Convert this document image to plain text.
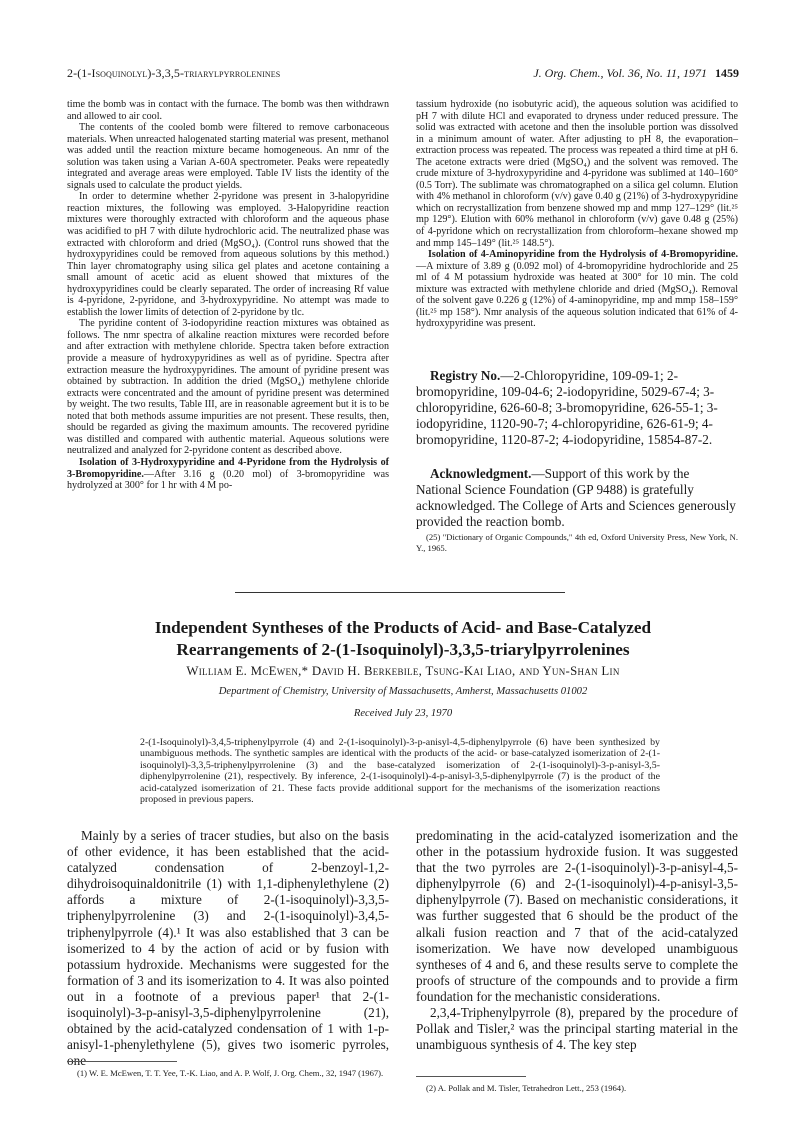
2-(1-Isoquinolyl)-3,3,5-triarylpyrrolenines	J. Org. Chem., Vol. 36, No. 11, 1971 1459

time the bomb was in contact with the furnace. The bomb was then withdrawn and allowed to air cool.

The contents of the cooled bomb were filtered to remove carbonaceous materials. When unreacted halogenated starting material was present, methanol was added until the reaction mixture became homogeneous. An nmr of the solution was taken using a Varian A-60A spectrometer. Peaks were repeatedly integrated and average areas were employed. Table IV lists the identity of the signals used to calculate the product yields.

In order to determine whether 2-pyridone was present in 3-halopyridine reaction mixtures, the following was employed. 3-Halopyridine reaction mixtures were thoroughly extracted with chloroform and the aqueous phase was acidified to pH 7 with dilute hydrochloric acid. The neutralized phase was extracted with chloroform and dried (MgSO₄). (Control runs showed that the hydroxypyridines could be removed from aqueous solutions by this method.) Thin layer chromatography using silica gel plates and acetone containing a small amount of acetic acid as eluent showed that mixtures of the hydroxypyridines could be clearly separated. The order of increasing Rf value is 4-pyridone, 2-pyridone, and 3-hydroxypyridine. No attempt was made to establish the lower limits of detection of 2-pyridone by tlc.

The pyridine content of 3-iodopyridine reaction mixtures was obtained as follows. The nmr spectra of alkaline reaction mixtures were recorded before and after extraction with methylene chloride. Spectra taken before extraction provide a measure of hydroxypyridines as well as of pyridine. Spectra after extraction measure the hydroxypyridines. The amount of pyridine present was obtained by subtraction. In addition the dried (MgSO₄) methylene chloride extracts were concentrated and the amount of pyridine present was determined by weight. The two results, Table III, are in reasonable agreement but it is to be noted that both methods assume impurities are not present. These results, then, should be regarded as giving the maximum amounts. The recovered pyridine was distilled and compared with authentic material. Aqueous solutions were neutralized and analyzed for 2-pyridone content as described above.

Isolation of 3-Hydroxypyridine and 4-Pyridone from the Hydrolysis of 3-Bromopyridine.—After 3.16 g (0.20 mol) of 3-bromopyridine was hydrolyzed at 300° for 1 hr with 4 M po-

tassium hydroxide (no isobutyric acid), the aqueous solution was acidified to pH 7 with dilute HCl and evaporated to dryness under reduced pressure. The solid was extracted with acetone and then the insoluble portion was dissolved in a minimum amount of water. After adjusting to pH 8, the evaporation–extraction process was repeated. The process was repeated a third time at pH 6. The acetone extracts were dried (MgSO₄) and the solvent was removed. The crude mixture of 3-hydroxypyridine and 4-pyridone was sublimed at 140–160° (0.5 Torr). The sublimate was chromatographed on a silica gel column. Elution with 4% methanol in chloroform (v/v) gave 0.40 g (21%) of 3-hydroxypyridine which on recrystallization from benzene showed mp and mmp 127–129° (lit.²⁵ mp 129°). Elution with 60% methanol in chloroform (v/v) gave 0.48 g (25%) of 4-pyridone which on recrystallization from chloroform–hexane showed mp and mmp 145–149° (lit.²⁵ 148.5°).

Isolation of 4-Aminopyridine from the Hydrolysis of 4-Bromopyridine.—A mixture of 3.89 g (0.092 mol) of 4-bromopyridine hydrochloride and 25 ml of 4 M potassium hydroxide was heated at 300° for 10 min. The cold mixture was extracted with methylene chloride and dried (MgSO₄). Removal of the solvent gave 0.226 g (12%) of 4-aminopyridine, mp and mmp 158–159° (lit.²⁵ mp 158°). Nmr analysis of the aqueous solution indicated that 61% of 4-hydroxypyridine was present.

Registry No.—2-Chloropyridine, 109-09-1; 2-bromopyridine, 109-04-6; 2-iodopyridine, 5029-67-4; 3-chloropyridine, 626-60-8; 3-bromopyridine, 626-55-1; 3-iodopyridine, 1120-90-7; 4-chloropyridine, 626-61-9; 4-bromopyridine, 1120-87-2; 4-iodopyridine, 15854-87-2.

Acknowledgment.—Support of this work by the National Science Foundation (GP 9488) is gratefully acknowledged. The College of Arts and Sciences generously provided the reaction bomb.

(25) "Dictionary of Organic Compounds," 4th ed, Oxford University Press, New York, N. Y., 1965.

Independent Syntheses of the Products of Acid- and Base-Catalyzed
Rearrangements of 2-(1-Isoquinolyl)-3,3,5-triarylpyrrolenines
William E. McEwen,* David H. Berkebile, Tsung-Kai Liao, and Yun-Shan Lin
Department of Chemistry, University of Massachusetts, Amherst, Massachusetts 01002
Received July 23, 1970
2-(1-Isoquinolyl)-3,4,5-triphenylpyrrole (4) and 2-(1-isoquinolyl)-3-p-anisyl-4,5-diphenylpyrrole (6) have been synthesized by unambiguous methods. The synthetic samples are identical with the products of the acid- or base-catalyzed isomerization of 2-(1-isoquinolyl)-3,3,5-triphenylpyrrolenine (3) and the base-catalyzed isomerization of 2-(1-isoquinolyl)-3-p-anisyl-3,5-diphenylpyrrolenine (21), respectively. By inference, 2-(1-isoquinolyl)-4-p-anisyl-3,5-diphenylpyrrole (7) is the product of the acid-catalyzed isomerization of 21. These facts provide additional support for the mechanisms of the isomerization reactions proposed in previous papers.

Mainly by a series of tracer studies, but also on the basis of other evidence, it has been established that the acid-catalyzed condensation of 2-benzoyl-1,2-dihydroisoquinaldonitrile (1) with 1,1-diphenylethylene (2) affords a mixture of 2-(1-isoquinolyl)-3,3,5-triphenylpyrrolenine (3) and 2-(1-isoquinolyl)-3,4,5-triphenylpyrrole (4).¹ It was also established that 3 can be isomerized to 4 by the action of acid or by fusion with potassium hydroxide. Mechanisms were suggested for the formation of 3 and its isomerization to 4. It was also pointed out in a footnote of a previous paper¹ that 2-(1-isoquinolyl)-3-p-anisyl-3,5-diphenylpyrrolenine (21), obtained by the acid-catalyzed condensation of 1 with 1-p-anisyl-1-phenylethylene (5), gives two isomeric pyrroles, one

predominating in the acid-catalyzed isomerization and the other in the potassium hydroxide fusion. It was suggested that the two pyrroles are 2-(1-isoquinolyl)-3-p-anisyl-4,5-diphenylpyrrole (6) and 2-(1-isoquinolyl)-4-p-anisyl-3,5-diphenylpyrrole (7). Based on mechanistic considerations, it was further suggested that 6 should be the product of the alkali fusion reaction and 7 that of the acid-catalyzed isomerization. We have now developed unambiguous syntheses of 4 and 6, and these results serve to complete the proofs of structure of the compounds and to provide a firm foundation for the mechanistic considerations.

2,3,4-Triphenylpyrrole (8), prepared by the procedure of Pollak and Tisler,² was the principal starting material in the unambiguous synthesis of 4. The key step

(1) W. E. McEwen, T. T. Yee, T.-K. Liao, and A. P. Wolf, J. Org. Chem., 32, 1947 (1967).

(2) A. Pollak and M. Tisler, Tetrahedron Lett., 253 (1964).
